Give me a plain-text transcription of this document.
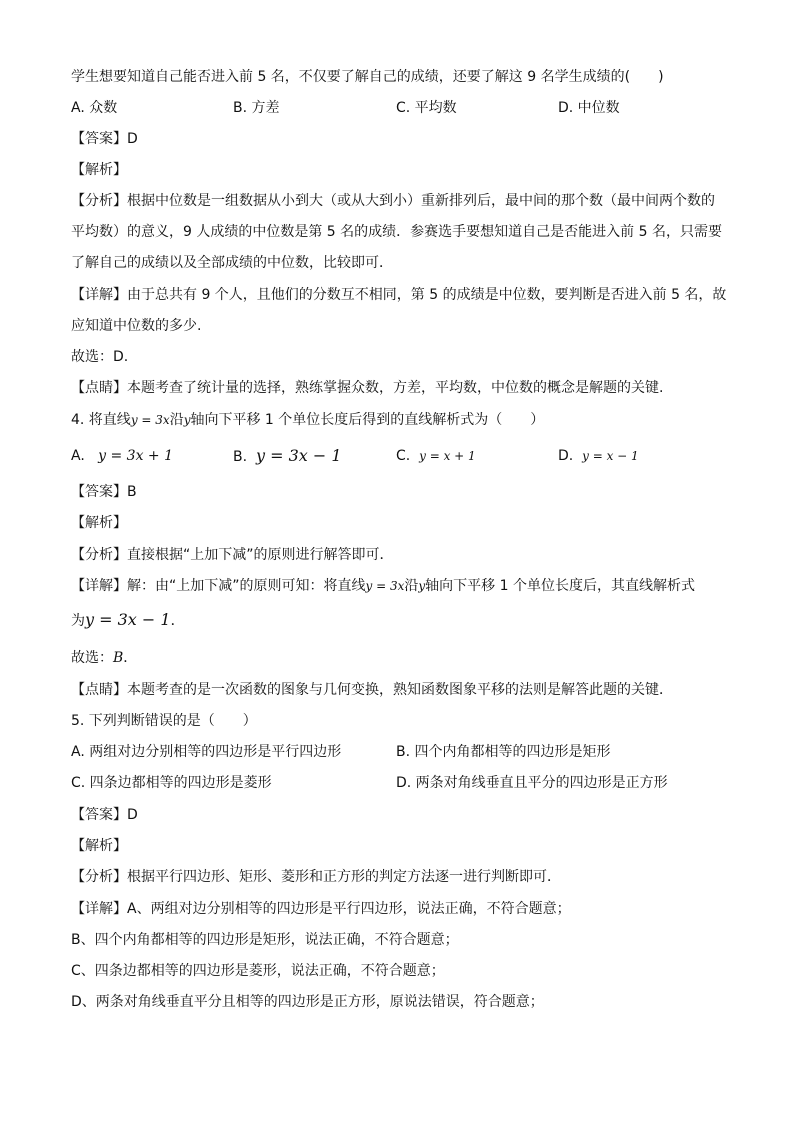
学生想要知道自己能否进入前 5 名，不仅要了解自己的成绩，还要了解这 9 名学生成绩的(　　)
A. 众数	B. 方差	C. 平均数	D. 中位数
【答案】D
【解析】
【分析】根据中位数是一组数据从小到大（或从大到小）重新排列后，最中间的那个数（最中间两个数的
平均数）的意义，9 人成绩的中位数是第 5 名的成绩．参赛选手要想知道自己是否能进入前 5 名，只需要
了解自己的成绩以及全部成绩的中位数，比较即可．
【详解】由于总共有 9 个人，且他们的分数互不相同，第 5 的成绩是中位数，要判断是否进入前 5 名，故
应知道中位数的多少.
故选：D.
【点睛】本题考查了统计量的选择，熟练掌握众数，方差，平均数，中位数的概念是解题的关键.
4. 将直线y = 3x沿y轴向下平移 1 个单位长度后得到的直线解析式为（　　）
A. y = 3x + 1	B. y = 3x − 1	C. y = x + 1	D. y = x − 1
【答案】B
【解析】
【分析】直接根据“上加下减”的原则进行解答即可．
【详解】解：由“上加下减”的原则可知：将直线y = 3x沿y轴向下平移 1 个单位长度后，其直线解析式
为y = 3x − 1．
故选：B．
【点睛】本题考查的是一次函数的图象与几何变换，熟知函数图象平移的法则是解答此题的关键．
5. 下列判断错误的是（　　）
A. 两组对边分别相等的四边形是平行四边形	B. 四个内角都相等的四边形是矩形
C. 四条边都相等的四边形是菱形	D. 两条对角线垂直且平分的四边形是正方形
【答案】D
【解析】
【分析】根据平行四边形、矩形、菱形和正方形的判定方法逐一进行判断即可．
【详解】A、两组对边分别相等的四边形是平行四边形，说法正确，不符合题意；
B、四个内角都相等的四边形是矩形，说法正确，不符合题意；
C、四条边都相等的四边形是菱形，说法正确，不符合题意；
D、两条对角线垂直平分且相等的四边形是正方形，原说法错误，符合题意；
